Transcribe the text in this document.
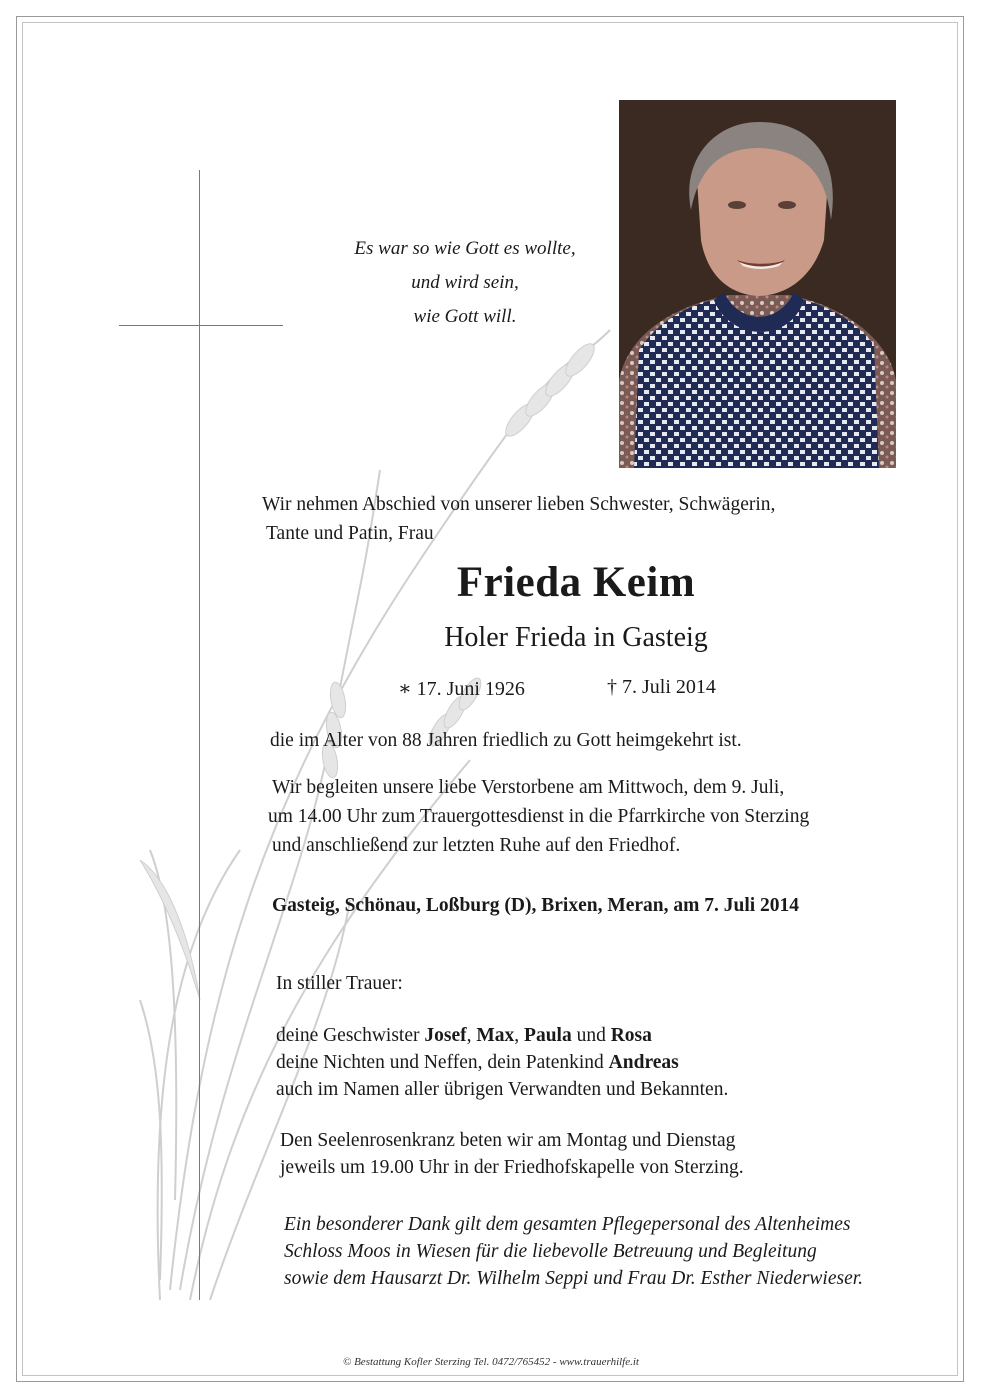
Es war so wie Gott es wollte,
und wird sein,
wie Gott will.
Wir nehmen Abschied von unserer lieben Schwester, Schwägerin,
Tante und Patin, Frau
Frieda Keim
Holer Frieda in Gasteig
∗ 17. Juni 1926	† 7. Juli 2014
die im Alter von 88 Jahren friedlich zu Gott heimgekehrt ist.
Wir begleiten unsere liebe Verstorbene am Mittwoch, dem 9. Juli,
um 14.00 Uhr zum Trauergottesdienst in die Pfarrkirche von Sterzing
und anschließend zur letzten Ruhe auf den Friedhof.
Gasteig, Schönau, Loßburg (D), Brixen, Meran, am 7. Juli 2014
In stiller Trauer:
deine Geschwister Josef, Max, Paula und Rosa
deine Nichten und Neffen, dein Patenkind Andreas
auch im Namen aller übrigen Verwandten und Bekannten.
Den Seelenrosenkranz beten wir am Montag und Dienstag
jeweils um 19.00 Uhr in der Friedhofskapelle von Sterzing.
Ein besonderer Dank gilt dem gesamten Pflegepersonal des Altenheimes
Schloss Moos in Wiesen für die liebevolle Betreuung und Begleitung
sowie dem Hausarzt Dr. Wilhelm Seppi und Frau Dr. Esther Niederwieser.
© Bestattung Kofler Sterzing Tel. 0472/765452 - www.trauerhilfe.it
